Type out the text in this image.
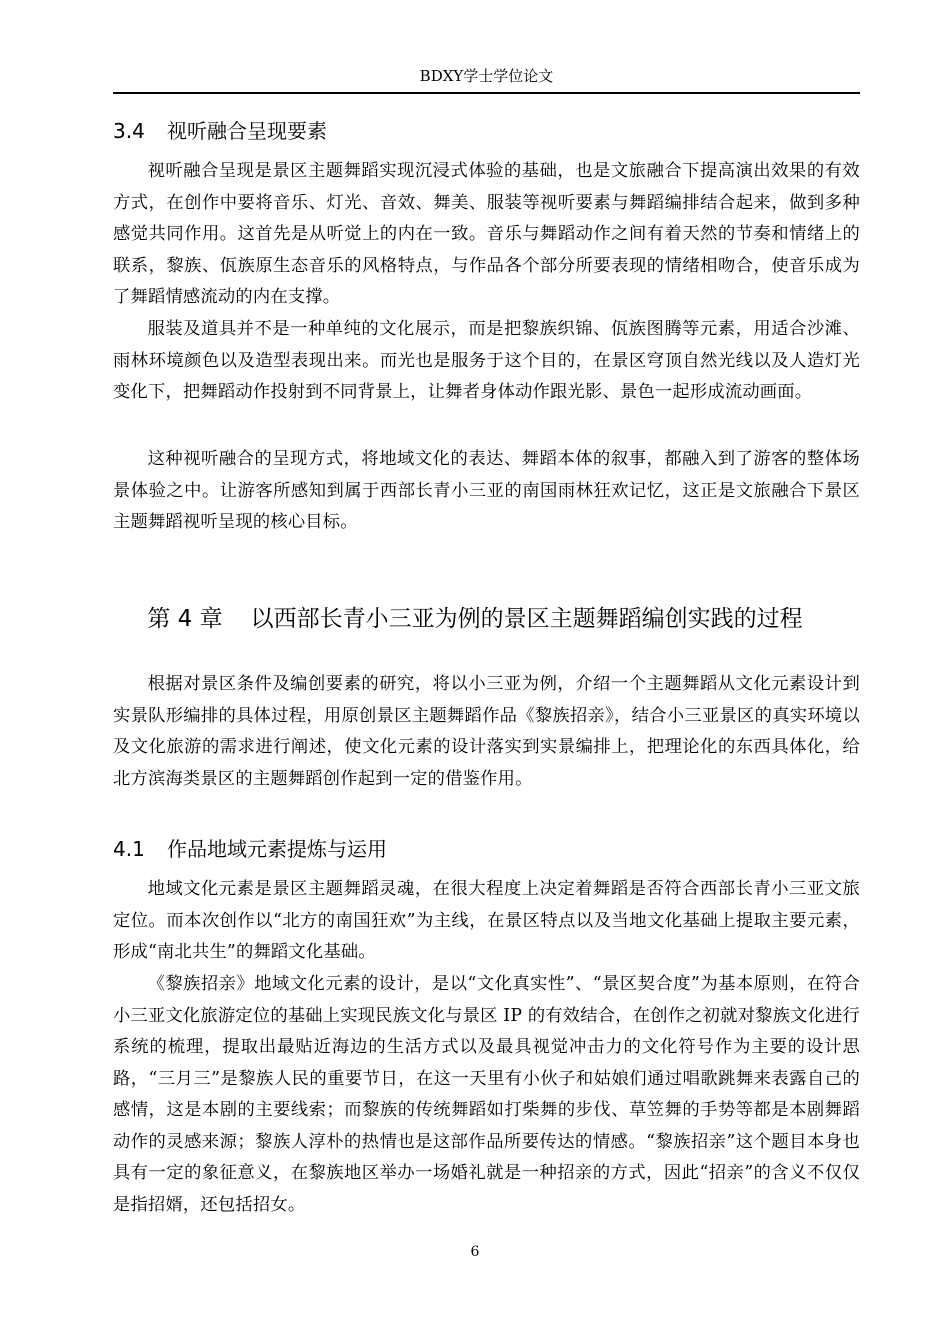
BDXY学士学位论文
3.4 视听融合呈现要素

视听融合呈现是景区主题舞蹈实现沉浸式体验的基础，也是文旅融合下提高演出效果的有效方式，在创作中要将音乐、灯光、音效、舞美、服装等视听要素与舞蹈编排结合起来，做到多种感觉共同作用。这首先是从听觉上的内在一致。音乐与舞蹈动作之间有着天然的节奏和情绪上的联系，黎族、佤族原生态音乐的风格特点，与作品各个部分所要表现的情绪相吻合，使音乐成为了舞蹈情感流动的内在支撑。

服装及道具并不是一种单纯的文化展示，而是把黎族织锦、佤族图腾等元素，用适合沙滩、雨林环境颜色以及造型表现出来。而光也是服务于这个目的，在景区穹顶自然光线以及人造灯光变化下，把舞蹈动作投射到不同背景上，让舞者身体动作跟光影、景色一起形成流动画面。

这种视听融合的呈现方式，将地域文化的表达、舞蹈本体的叙事，都融入到了游客的整体场景体验之中。让游客所感知到属于西部长青小三亚的南国雨林狂欢记忆，这正是文旅融合下景区主题舞蹈视听呈现的核心目标。

第 4 章 以西部长青小三亚为例的景区主题舞蹈编创实践的过程

根据对景区条件及编创要素的研究，将以小三亚为例，介绍一个主题舞蹈从文化元素设计到实景队形编排的具体过程，用原创景区主题舞蹈作品《黎族招亲》，结合小三亚景区的真实环境以及文化旅游的需求进行阐述，使文化元素的设计落实到实景编排上，把理论化的东西具体化，给北方滨海类景区的主题舞蹈创作起到一定的借鉴作用。

4.1 作品地域元素提炼与运用

地域文化元素是景区主题舞蹈灵魂，在很大程度上决定着舞蹈是否符合西部长青小三亚文旅定位。而本次创作以“北方的南国狂欢”为主线，在景区特点以及当地文化基础上提取主要元素，形成“南北共生”的舞蹈文化基础。

《黎族招亲》地域文化元素的设计，是以“文化真实性”、“景区契合度”为基本原则，在符合小三亚文化旅游定位的基础上实现民族文化与景区 IP 的有效结合，在创作之初就对黎族文化进行系统的梳理，提取出最贴近海边的生活方式以及最具视觉冲击力的文化符号作为主要的设计思路，“三月三”是黎族人民的重要节日，在这一天里有小伙子和姑娘们通过唱歌跳舞来表露自己的感情，这是本剧的主要线索；而黎族的传统舞蹈如打柴舞的步伐、草笠舞的手势等都是本剧舞蹈动作的灵感来源；黎族人淳朴的热情也是这部作品所要传达的情感。“黎族招亲”这个题目本身也具有一定的象征意义，在黎族地区举办一场婚礼就是一种招亲的方式，因此“招亲”的含义不仅仅是指招婿，还包括招女。

6
